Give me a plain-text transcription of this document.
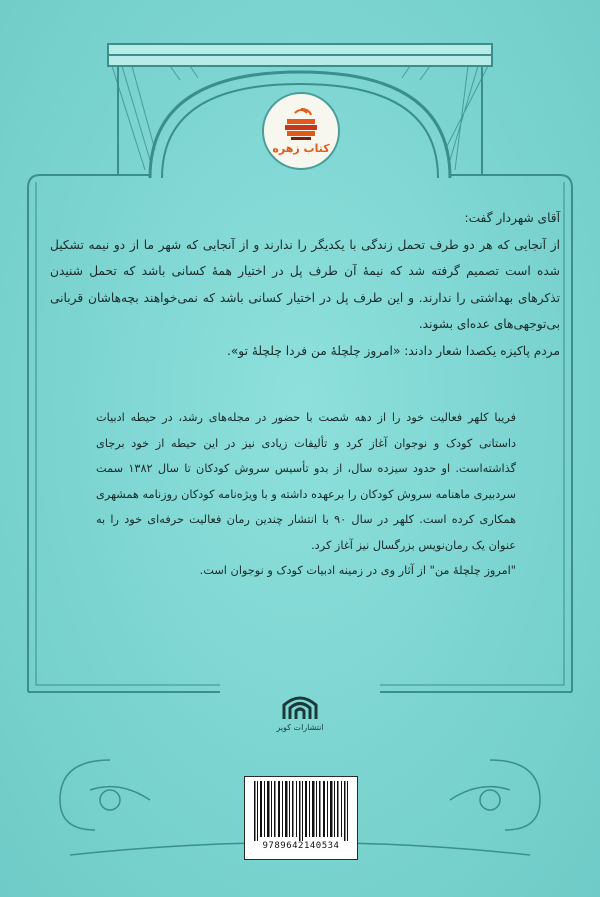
کتاب زهره

آقای شهردار گفت:

از آنجایی که هر دو طرف تحمل زندگی با یکدیگر را ندارند و از آنجایی که شهر ما از دو نیمه تشکیل شده است تصمیم گرفته شد که نیمهٔ آن طرف پل در اختیار همهٔ کسانی باشد که تحمل شنیدن تذکرهای بهداشتی را ندارند. و این طرف پل در اختیار کسانی باشد که نمی‌خواهند بچه‌هاشان قربانی بی‌توجهی‌های عده‌ای بشوند.

مردم پاکیزه یکصدا شعار دادند: «امروز چلچلهٔ من فردا چلچلهٔ تو».

فریبا کلهر فعالیت خود را از دهه شصت با حضور در مجله‌های رشد، در حیطه ادبیات داستانی کودک و نوجوان آغاز کرد و تألیفات زیادی نیز در این حیطه از خود برجای گذاشته‌است. او حدود سیزده سال، از بدو تأسیس سروش کودکان تا سال ۱۳۸۲ سمت سردبیری ماهنامه سروش کودکان را برعهده داشته و با ویژه‌نامه کودکان روزنامه همشهری همکاری کرده است. کلهر در سال ۹۰ با انتشار چندین رمان فعالیت حرفه‌ای خود را به عنوان یک رمان‌نویس بزرگسال نیز آغاز کرد.

"امروز چلچلهٔ من" از آثار وی در زمینه ادبیات کودک و نوجوان است.

انتشارات کویر
9789642140534
